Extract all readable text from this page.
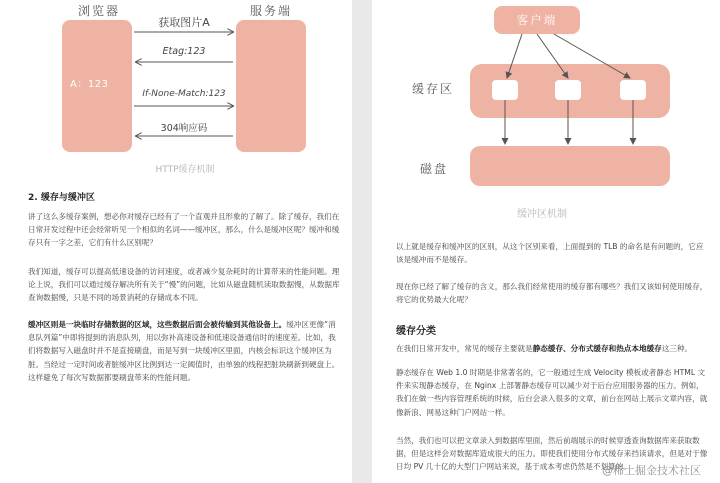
浏览器	服务端
A：123
获取图片A
Etag:123
If-None-Match:123
304响应码
HTTP缓存机制
2. 缓存与缓冲区
讲了这么多缓存案例，想必你对缓存已经有了一个直观并且形象的了解了。除了缓存，我们在日常开发过程中还会经常听见一个相似的名词——缓冲区，那么，什么是缓冲区呢？缓冲和缓存只有一字之差，它们有什么区别呢？
我们知道，缓存可以提高低速设备的访问速度，或者减少复杂耗时的计算带来的性能问题。理论上说，我们可以通过缓存解决所有关于“慢”的问题，比如从磁盘随机读取数据慢，从数据库查询数据慢，只是不同的场景消耗的存储成本不同。
缓冲区则是一块临时存储数据的区域，这些数据后面会被传输到其他设备上。缓冲区更像“消息队列篇”中即将提到的消息队列，用以弥补高速设备和低速设备通信时的速度差。比如，我们将数据写入磁盘时并不是直接刷盘，而是写到一块缓冲区里面，内核会标识这个缓冲区为脏。当经过一定时间或者脏缓冲区比例到达一定阈值时，由单独的线程把脏块刷新到硬盘上。这样避免了每次写数据都要刷盘带来的性能问题。
客户端
缓存区
磁盘
缓冲区机制
以上就是缓存和缓冲区的区别，从这个区别来看，上面提到的 TLB 的命名是有问题的，它应该是缓冲而不是缓存。
现在你已经了解了缓存的含义，那么我们经常使用的缓存都有哪些？我们又该如何使用缓存，将它的优势最大化呢？
缓存分类
在我们日常开发中，常见的缓存主要就是静态缓存、分布式缓存和热点本地缓存这三种。
静态缓存在 Web 1.0 时期是非常著名的，它一般通过生成 Velocity 模板或者静态 HTML 文件来实现静态缓存，在 Nginx 上部署静态缓存可以减少对于后台应用服务器的压力。例如，我们在做一些内容管理系统的时候，后台会录入很多的文章，前台在网站上展示文章内容，就像新浪、网易这种门户网站一样。
当然，我们也可以把文章录入到数据库里面，然后前端展示的时候穿透查询数据库来获取数据，但是这样会对数据库造成很大的压力。即使我们使用分布式缓存来挡读请求，但是对于像日均 PV 几十亿的大型门户网站来说，基于成本考虑仍然是不划算的。
@稀土掘金技术社区
